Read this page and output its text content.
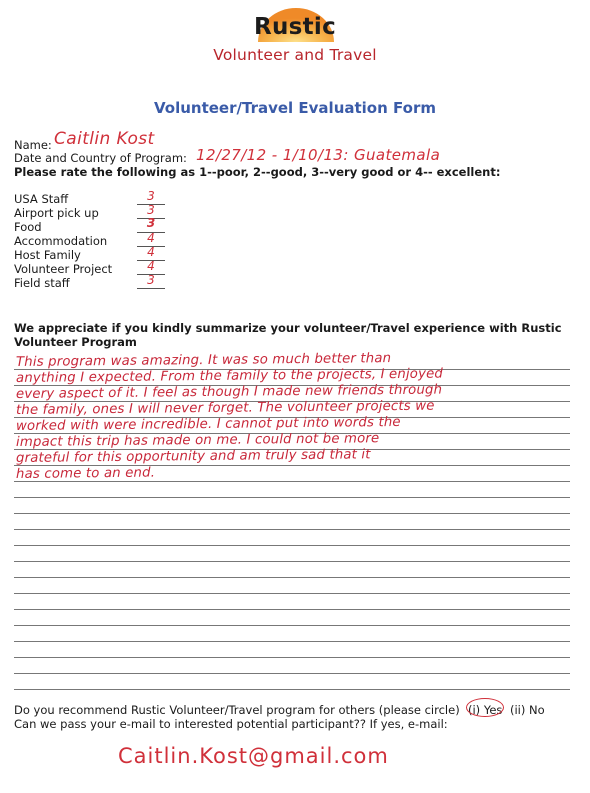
Rustic
Volunteer and Travel
Volunteer/Travel Evaluation Form
Name: Caitlin Kost
Date and Country of Program: 12/27/12 - 1/10/13: Guatemala
Please rate the following as 1--poor, 2--good, 3--very good or 4-- excellent:
USA Staff	3
Airport pick up	3
Food	3
Accommodation	4
Host Family	4
Volunteer Project	4
Field staff	3
We appreciate if you kindly summarize your volunteer/Travel experience with Rustic
Volunteer Program
This program was amazing. It was so much better than
anything I expected. From the family to the projects, I enjoyed
every aspect of it. I feel as though I made new friends through
the family, ones I will never forget. The volunteer projects we
worked with were incredible. I cannot put into words the
impact this trip has made on me. I could not be more
grateful for this opportunity and am truly sad that it
has come to an end.
Do you recommend Rustic Volunteer/Travel program for others (please circle) (i) Yes (ii) No
Can we pass your e-mail to interested potential participant?? If yes, e-mail:
Caitlin.Kost@gmail.com
